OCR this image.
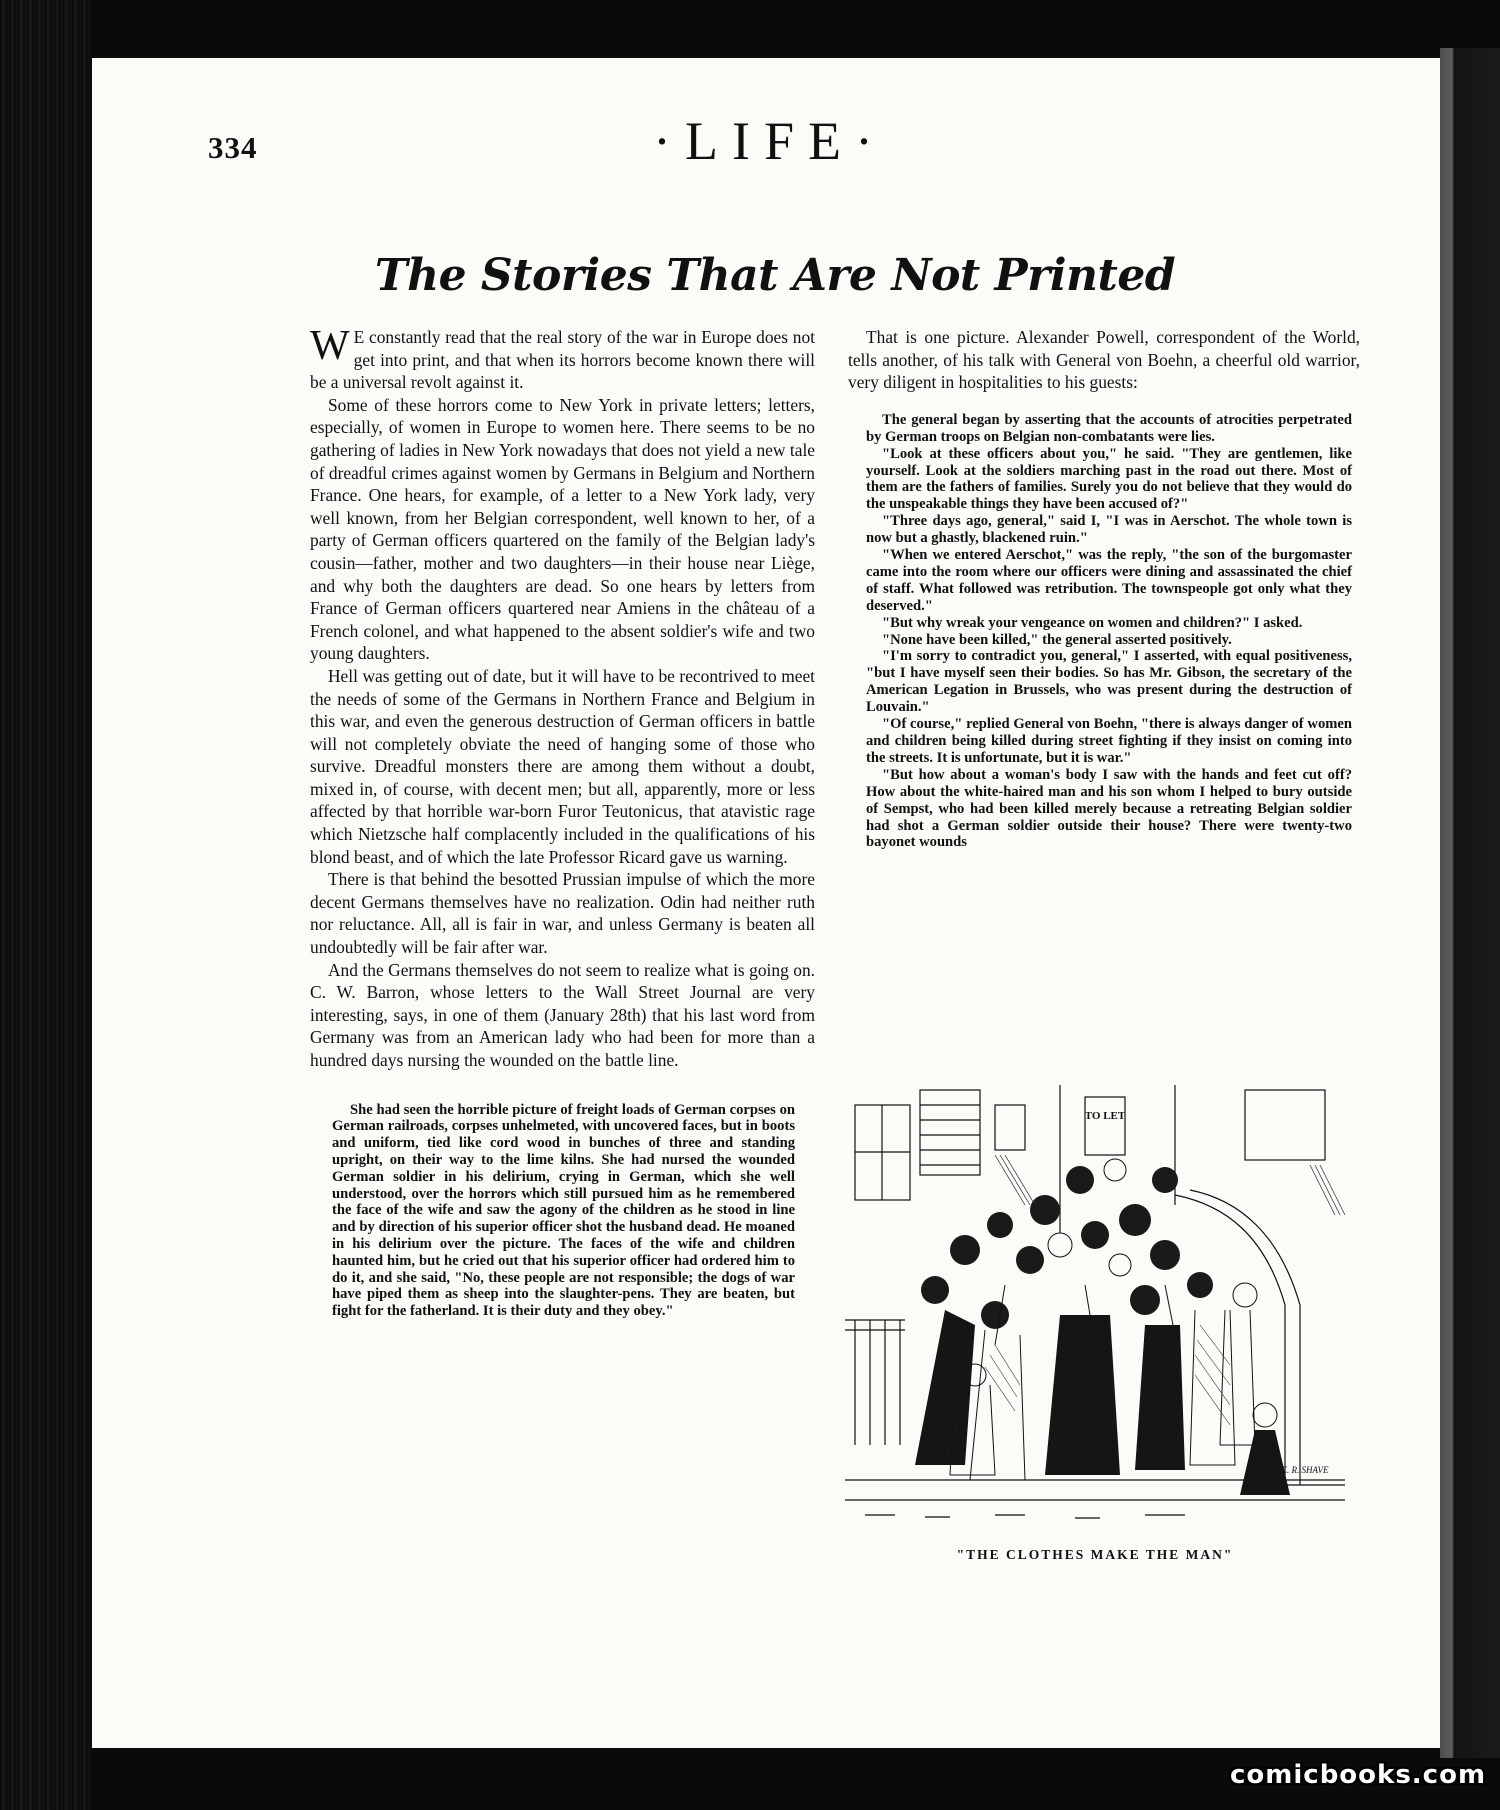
334	·LIFE·
The Stories That Are Not Printed

W E constantly read that the real story of the war in Europe does not get into print, and that when its horrors become known there will be a universal revolt against it.

Some of these horrors come to New York in private letters; letters, especially, of women in Europe to women here. There seems to be no gathering of ladies in New York nowadays that does not yield a new tale of dreadful crimes against women by Germans in Belgium and Northern France. One hears, for example, of a letter to a New York lady, very well known, from her Belgian correspondent, well known to her, of a party of German officers quartered on the family of the Belgian lady's cousin—father, mother and two daughters—in their house near Liège, and why both the daughters are dead. So one hears by letters from France of German officers quartered near Amiens in the château of a French colonel, and what happened to the absent soldier's wife and two young daughters.

Hell was getting out of date, but it will have to be recontrived to meet the needs of some of the Germans in Northern France and Belgium in this war, and even the generous destruction of German officers in battle will not completely obviate the need of hanging some of those who survive. Dreadful monsters there are among them without a doubt, mixed in, of course, with decent men; but all, apparently, more or less affected by that horrible war-born Furor Teutonicus, that atavistic rage which Nietzsche half complacently included in the qualifications of his blond beast, and of which the late Professor Ricard gave us warning.

There is that behind the besotted Prussian impulse of which the more decent Germans themselves have no realization. Odin had neither ruth nor reluctance. All, all is fair in war, and unless Germany is beaten all undoubtedly will be fair after war.

And the Germans themselves do not seem to realize what is going on. C. W. Barron, whose letters to the Wall Street Journal are very interesting, says, in one of them (January 28th) that his last word from Germany was from an American lady who had been for more than a hundred days nursing the wounded on the battle line.

She had seen the horrible picture of freight loads of German corpses on German railroads, corpses unhelmeted, with uncovered faces, but in boots and uniform, tied like cord wood in bunches of three and standing upright, on their way to the lime kilns. She had nursed the wounded German soldier in his delirium, crying in German, which she well understood, over the horrors which still pursued him as he remembered the face of the wife and saw the agony of the children as he stood in line and by direction of his superior officer shot the husband dead. He moaned in his delirium over the picture. The faces of the wife and children haunted him, but he cried out that his superior officer had ordered him to do it, and she said, "No, these people are not responsible; the dogs of war have piped them as sheep into the slaughter-pens. They are beaten, but fight for the fatherland. It is their duty and they obey."

That is one picture. Alexander Powell, correspondent of the World, tells another, of his talk with General von Boehn, a cheerful old warrior, very diligent in hospitalities to his guests:

The general began by asserting that the accounts of atrocities perpetrated by German troops on Belgian non-combatants were lies.

"Look at these officers about you," he said. "They are gentlemen, like yourself. Look at the soldiers marching past in the road out there. Most of them are the fathers of families. Surely you do not believe that they would do the unspeakable things they have been accused of?"

"Three days ago, general," said I, "I was in Aerschot. The whole town is now but a ghastly, blackened ruin."

"When we entered Aerschot," was the reply, "the son of the burgomaster came into the room where our officers were dining and assassinated the chief of staff. What followed was retribution. The townspeople got only what they deserved."

"But why wreak your vengeance on women and children?" I asked.

"None have been killed," the general asserted positively.

"I'm sorry to contradict you, general," I asserted, with equal positiveness, "but I have myself seen their bodies. So has Mr. Gibson, the secretary of the American Legation in Brussels, who was present during the destruction of Louvain."

"Of course," replied General von Boehn, "there is always danger of women and children being killed during street fighting if they insist on coming into the streets. It is unfortunate, but it is war."

"But how about a woman's body I saw with the hands and feet cut off? How about the white-haired man and his son whom I helped to bury outside of Sempst, who had been killed merely because a retreating Belgian soldier had shot a German soldier outside their house? There were twenty-two bayonet wounds

TO LET
E. R. SHAVE
"THE CLOTHES MAKE THE MAN"
comicbooks.com
